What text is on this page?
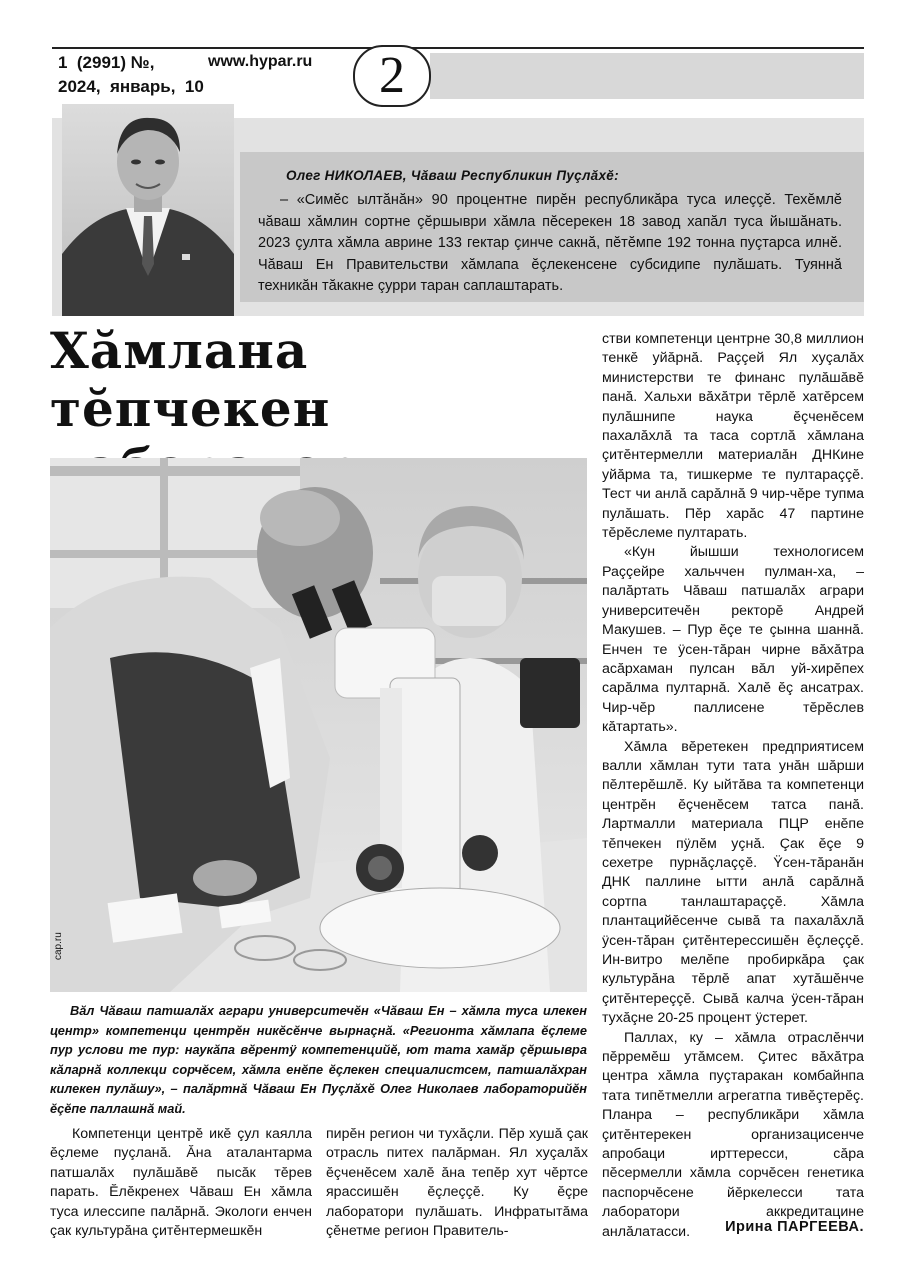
1  (2991) №,
2024,  январь,  10
www.hypar.ru	2
Олег НИКОЛАЕВ, Чăваш Республикин Пуçлăхĕ:
– «Симĕс ылтăнăн» 90 процентне пирĕн республикăра туса илеççĕ. Техĕмлĕ чăваш хăмлин сортне çĕршыври хăмла пĕсерекен 18 завод хапăл туса йышăнать. 2023 çулта хăмла аврине 133 гектар çинче сакнă, пĕтĕмпе 192 тонна пуçтарса илнĕ. Чăваш Ен Правительстви хăмлапа ĕçлекенсене субсидипе пулăшать. Туяннă техникăн тăкакне çурри таран саплаштарать.
Хăмлана тĕпчекен
cap.ru
Вăл Чăваш патшалăх аграри университечĕн «Чăваш Ен – хăмла туса илекен центр» компетенци центрĕн никĕсĕнче вырнаçнă. «Регионта хăмлапа ĕçлеме пур услови те пур: наукăпа вĕрентÿ компетенцийĕ, ют тата хамăр çĕршывра кăларнă коллекци сорчĕсем, хăмла енĕпе ĕçлекен специалистсем, патшалăхран килекен пулăшу», – палăртнă Чăваш Ен Пуçлăхĕ Олег Николаев лабораторийĕн ĕçĕпе паллашнă май.

Компетенци центрĕ икĕ çул каялла ĕçлеме пуçланă. Ăна аталантарма патшалăх пулăшăвĕ пысăк тĕрев парать. Ĕлĕкренех Чăваш Ен хăмла туса илессипе палăрнă. Экологи енчен çак культурăна çитĕнтермешкĕн

пирĕн регион чи тухăçли. Пĕр хушă çак отрасль питех палăрман. Ял хуçалăх ĕçченĕсем халĕ ăна тепĕр хут чĕртсе яраccишĕн ĕçлеççĕ. Ку ĕçре лаборатори пулăшать. Инфратытăма çĕнетме регион Правитель-

стви компетенци центрне 30,8 миллион тенкĕ уйăрнă. Раççей Ял хуçалăх министерстви те финанс пулăшăвĕ панă. Хальхи вăхăтри тĕрлĕ хатĕрсем пулăшнипе наука ĕçченĕсем пахалăхлă та таса сортлă хăмлана çитĕнтермелли материалăн ДНКине уйăрма та, тишкерме те пултараççĕ. Тест чи анлă сарăлнă 9 чир-чĕре тупма пулăшать. Пĕр харăс 47 партине тĕрĕслеме пултарать.

«Кун йышши технологисем Раççейре хальччен пулман-ха, – палăртать Чăваш патшалăх аграри университечĕн ректорĕ Андрей Макушев. – Пур ĕçе те çынна шаннă. Енчен те ÿсен-тăран чирне вăхăтра асăрхаман пулсан вăл уй-хирĕпех сарăлма пултарнă. Халĕ ĕç ансатрах. Чир-чĕр паллисене тĕрĕслев кăтартать».

Хăмла вĕретекен предприятисем валли хăмлан тути тата унăн шăрши пĕлтерĕшлĕ. Ку ыйтăва та компетенци центрĕн ĕçченĕсем татса панă. Лартмалли материала ПЦР енĕпе тĕпчекен пÿлĕм уçнă. Çак ĕçе 9 сехетре пурнăçлаççĕ. Ÿсен-тăранăн ДНК паллине ытти анлă сарăлнă сортпа танлаштараççĕ. Хăмла плантацийĕсенче сывă та пахалăхлă ÿсен-тăран çитĕнтерессишĕн ĕçлеççĕ. Ин-витро мелĕпе пробиркăра çак культурăна тĕрлĕ апат хутăшĕнче çитĕнтереççĕ. Сывă калча ÿсен-тăран тухăçне 20-25 процент ÿстерет.

Паллах, ку – хăмла отраслĕнчи пĕрремĕш утăмсем. Çитес вăхăтра центра хăмла пуçтаракан комбайнпа тата типĕтмелли агрегатпа тивĕçтерĕç. Планра – республикăри хăмла çитĕнтерекен организацисенче апробаци ирттересси, сăра пĕсермелли хăмла сорчĕсен генетика паспорчĕсене йĕркелесси тата лаборатори аккредитацине анлăлатасси.	Ирина ПАРГЕЕВА.
